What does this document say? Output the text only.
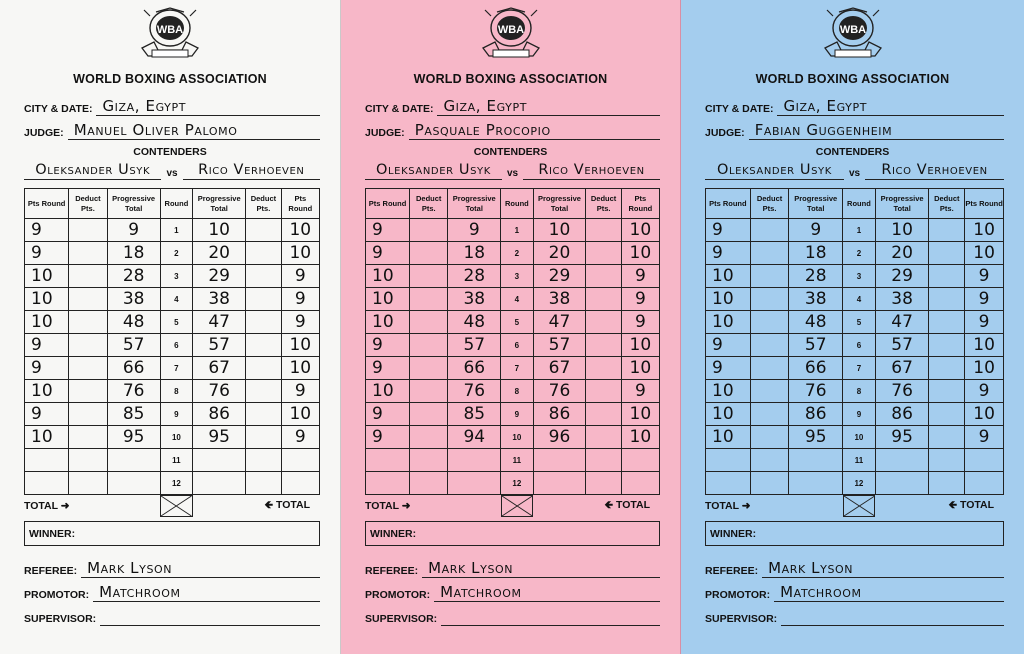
WBA
WORLD BOXING ASSOCIATION
CITY & DATE: Giza, Egypt
JUDGE: Manuel Oliver Palomo
CONTENDERS
Oleksander Usyk	vs	Rico Verhoeven
Pts Round	Deduct Pts.	Progressive Total	Round	Progressive Total	Deduct Pts.	Pts Round
9		9	1	10		10
9		18	2	20		10
10		28	3	29		9
10		38	4	38		9
10		48	5	47		9
9		57	6	57		10
9		66	7	67		10
10		76	8	76		9
9		85	9	86		10
10		95	10	95		9
			11			
			12			
TOTAL ➜	🡸 TOTAL
WINNER:
REFEREE: Mark Lyson
PROMOTOR: Matchroom
SUPERVISOR:
WBA
WORLD BOXING ASSOCIATION
CITY & DATE: Giza, Egypt
JUDGE: Pasquale Procopio
CONTENDERS
Oleksander Usyk	vs	Rico Verhoeven
Pts Round	Deduct Pts.	Progressive Total	Round	Progressive Total	Deduct Pts.	Pts Round
9		9	1	10		10
9		18	2	20		10
10		28	3	29		9
10		38	4	38		9
10		48	5	47		9
9		57	6	57		10
9		66	7	67		10
10		76	8	76		9
9		85	9	86		10
9		94	10	96		10
			11			
			12			
TOTAL ➜	🡸 TOTAL
WINNER:
REFEREE: Mark Lyson
PROMOTOR: Matchroom
SUPERVISOR:
WBA
WORLD BOXING ASSOCIATION
CITY & DATE: Giza, Egypt
JUDGE: Fabian Guggenheim
CONTENDERS
Oleksander Usyk	vs	Rico Verhoeven
Pts Round	Deduct Pts.	Progressive Total	Round	Progressive Total	Deduct Pts.	Pts Round
9		9	1	10		10
9		18	2	20		10
10		28	3	29		9
10		38	4	38		9
10		48	5	47		9
9		57	6	57		10
9		66	7	67		10
10		76	8	76		9
10		86	9	86		10
10		95	10	95		9
			11			
			12			
TOTAL ➜	🡸 TOTAL
WINNER:
REFEREE: Mark Lyson
PROMOTOR: Matchroom
SUPERVISOR:
